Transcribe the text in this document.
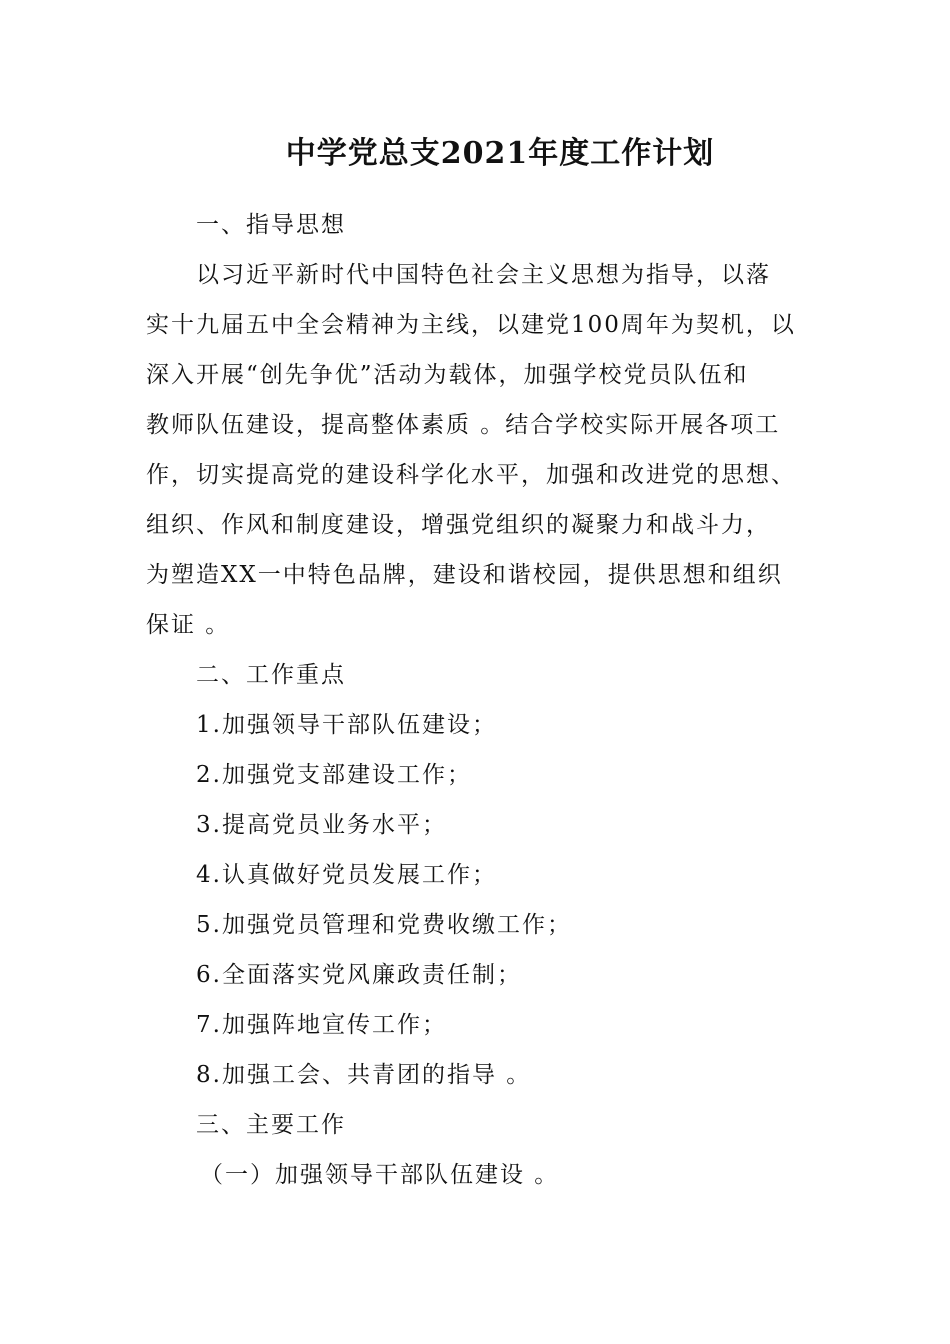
中学党总支2021年度工作计划
一、指导思想
以习近平新时代中国特色社会主义思想为指导，以落
实十九届五中全会精神为主线，以建党100周年为契机，以
深入开展“创先争优”活动为载体，加强学校党员队伍和
教师队伍建设，提高整体素质 。结合学校实际开展各项工
作，切实提高党的建设科学化水平，加强和改进党的思想、
组织、作风和制度建设，增强党组织的凝聚力和战斗力，
为塑造XX一中特色品牌，建设和谐校园，提供思想和组织
保证 。
二、工作重点
1.加强领导干部队伍建设；
2.加强党支部建设工作；
3.提高党员业务水平；
4.认真做好党员发展工作；
5.加强党员管理和党费收缴工作；
6.全面落实党风廉政责任制；
7.加强阵地宣传工作；
8.加强工会、共青团的指导 。
三、主要工作
（一）加强领导干部队伍建设 。
